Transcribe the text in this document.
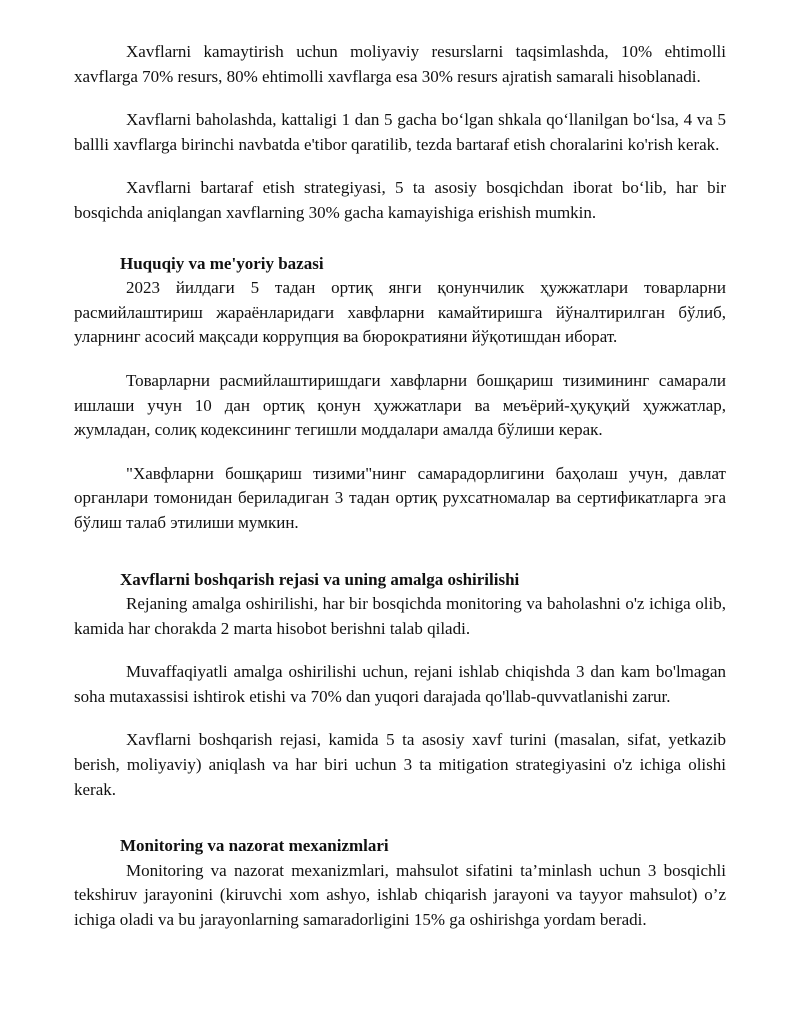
Xavflarni kamaytirish uchun moliyaviy resurslarni taqsimlashda, 10% ehtimolli xavflarga 70% resurs, 80% ehtimolli xavflarga esa 30% resurs ajratish samarali hisoblanadi.

Xavflarni baholashda, kattaligi 1 dan 5 gacha bo‘lgan shkala qo‘llanilgan bo‘lsa, 4 va 5 ballli xavflarga birinchi navbatda e'tibor qaratilib, tezda bartaraf etish choralarini ko'rish kerak.

Xavflarni bartaraf etish strategiyasi, 5 ta asosiy bosqichdan iborat bo‘lib, har bir bosqichda aniqlangan xavflarning 30% gacha kamayishiga erishish mumkin.

Huquqiy va me'yoriy bazasi

2023 йилдаги 5 тадан ортиқ янги қонунчилик ҳужжатлари товарларни расмийлаштириш жараёнларидаги хавфларни камайтиришга йўналтирилган бўлиб, уларнинг асосий мақсади коррупция ва бюрократияни йўқотишдан иборат.

Товарларни расмийлаштиришдаги хавфларни бошқариш тизимининг самарали ишлаши учун 10 дан ортиқ қонун ҳужжатлари ва меъёрий-ҳуқуқий ҳужжатлар, жумладан, солиқ кодексининг тегишли моддалари амалда бўлиши керак.

"Хавфларни бошқариш тизими"нинг самарадорлигини баҳолаш учун, давлат органлари томонидан бериладиган 3 тадан ортиқ рухсатномалар ва сертификатларга эга бўлиш талаб этилиши мумкин.

Xavflarni boshqarish rejasi va uning amalga oshirilishi

Rejaning amalga oshirilishi, har bir bosqichda monitoring va baholashni o'z ichiga olib, kamida har chorakda 2 marta hisobot berishni talab qiladi.

Muvaffaqiyatli amalga oshirilishi uchun, rejani ishlab chiqishda 3 dan kam bo'lmagan soha mutaxassisi ishtirok etishi va 70% dan yuqori darajada qo'llab-quvvatlanishi zarur.

Xavflarni boshqarish rejasi, kamida 5 ta asosiy xavf turini (masalan, sifat, yetkazib berish, moliyaviy) aniqlash va har biri uchun 3 ta mitigation strategiyasini o'z ichiga olishi kerak.

Monitoring va nazorat mexanizmlari

Monitoring va nazorat mexanizmlari, mahsulot sifatini ta’minlash uchun 3 bosqichli tekshiruv jarayonini (kiruvchi xom ashyo, ishlab chiqarish jarayoni va tayyor mahsulot) o’z ichiga oladi va bu jarayonlarning samaradorligini 15% ga oshirishga yordam beradi.
